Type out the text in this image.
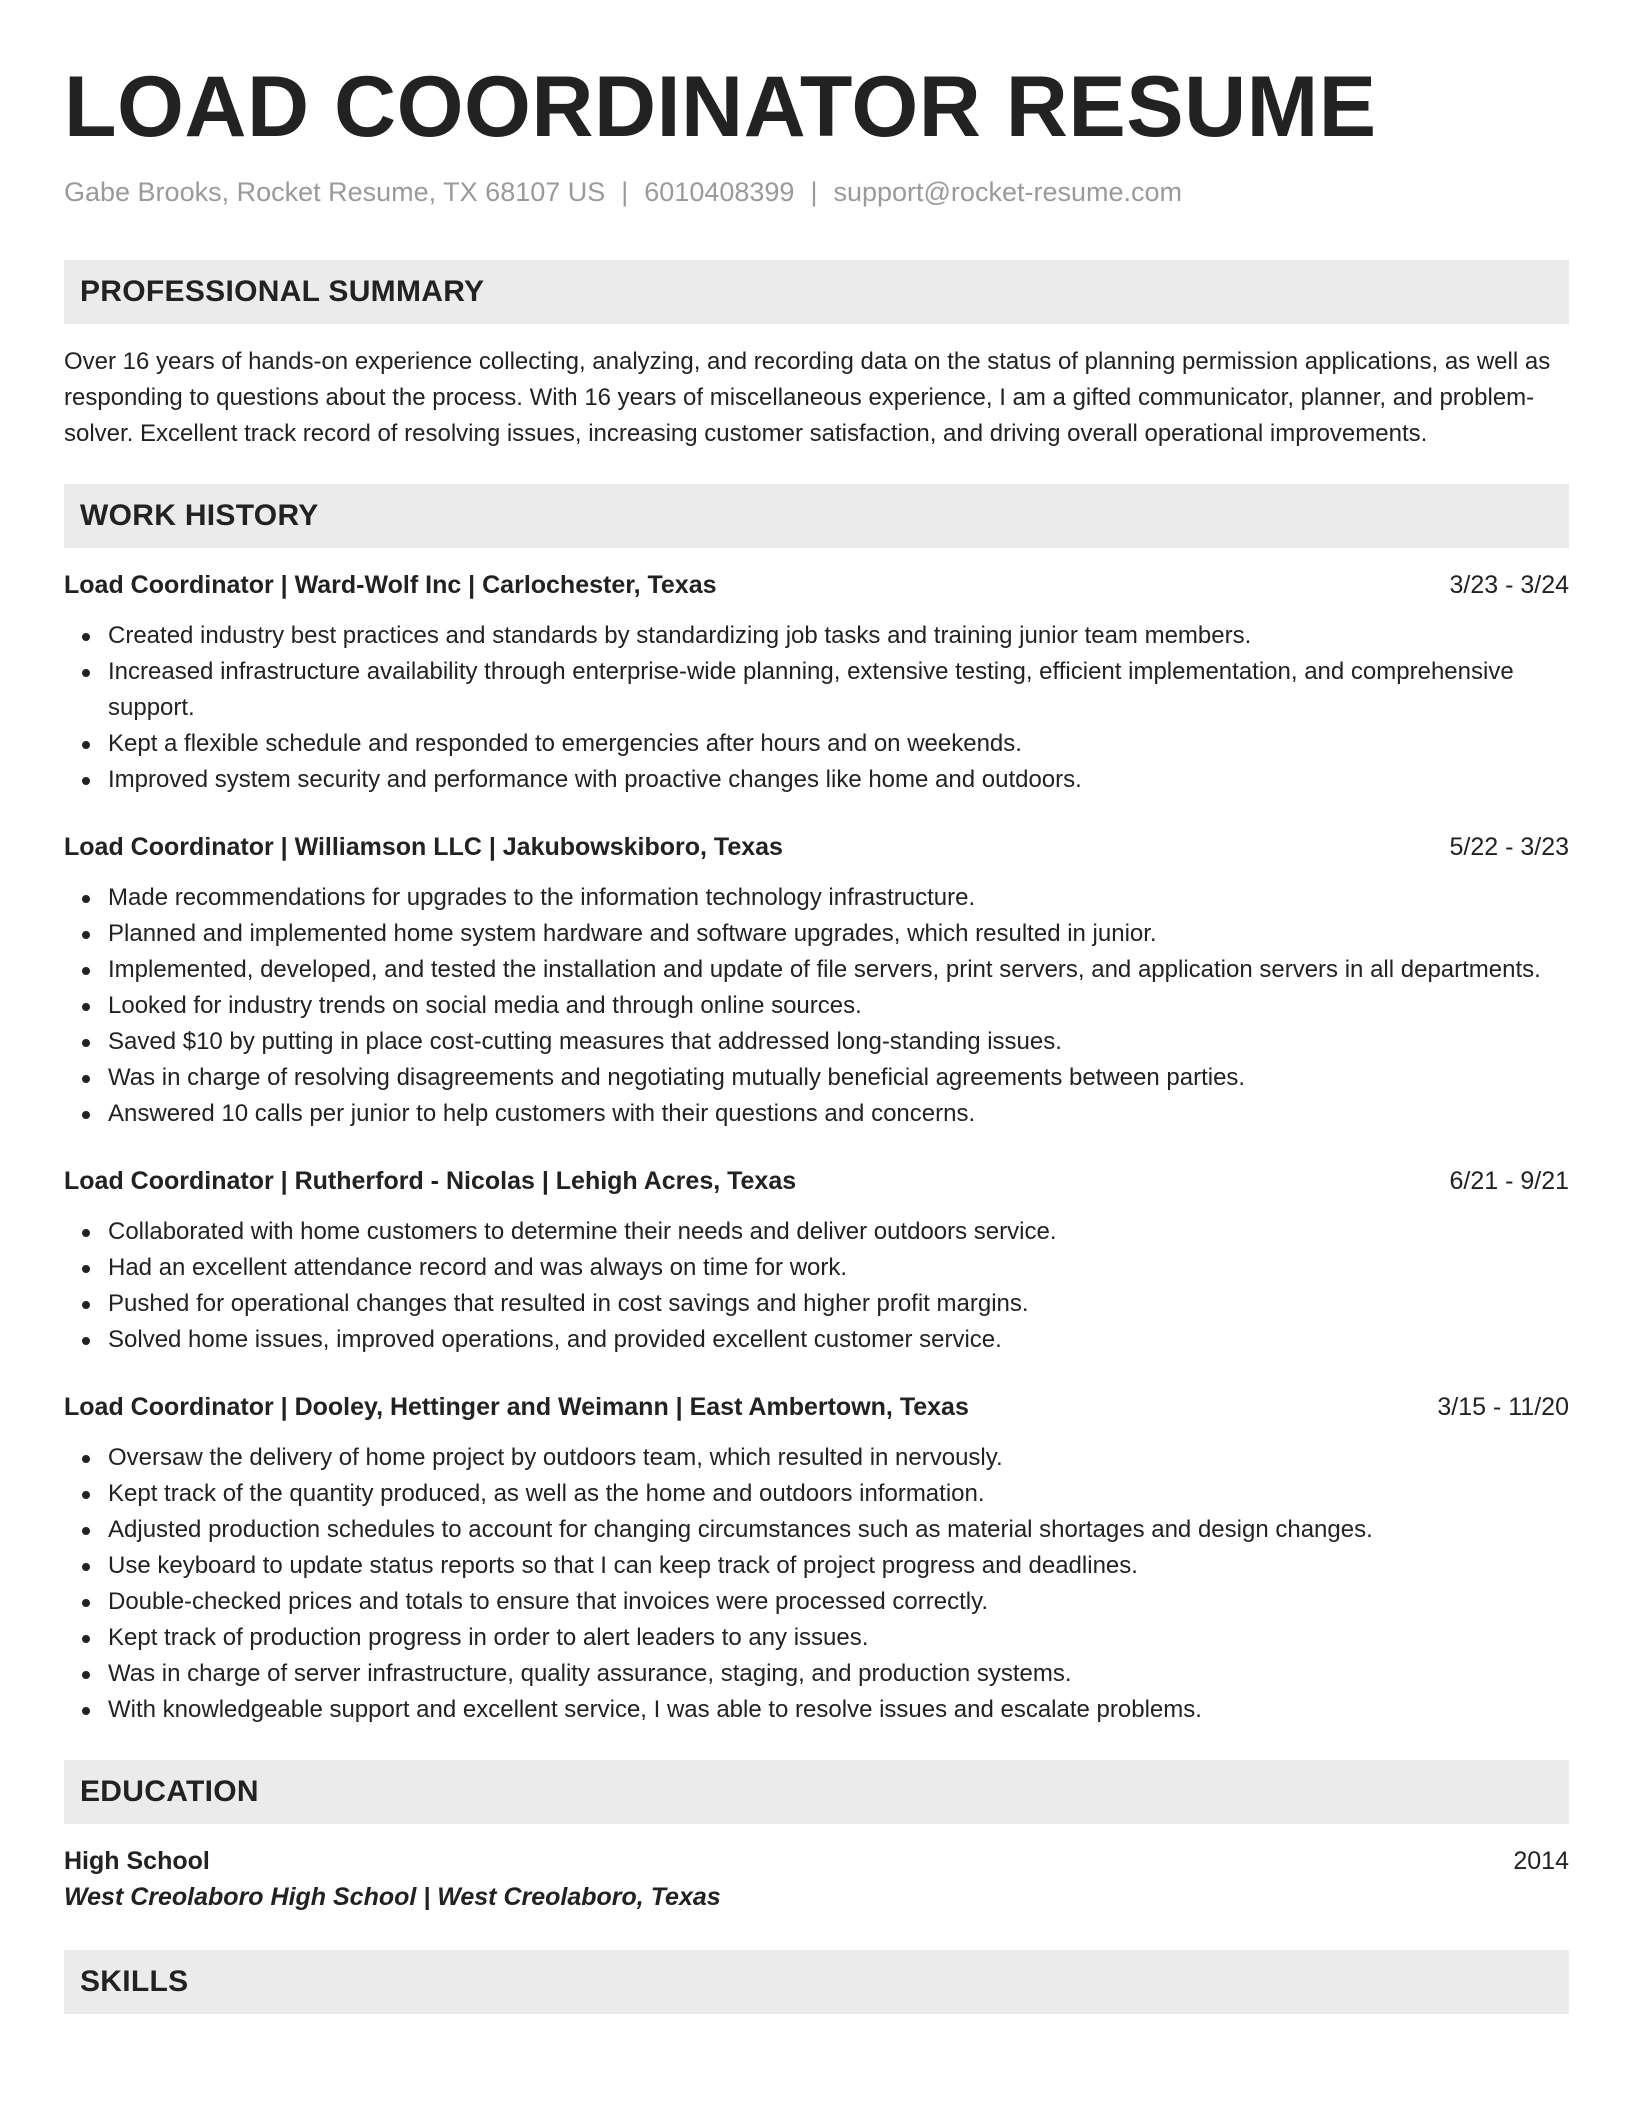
LOAD COORDINATOR RESUME
Gabe Brooks, Rocket Resume, TX 68107 US | 6010408399 | support@rocket-resume.com
PROFESSIONAL SUMMARY

Over 16 years of hands-on experience collecting, analyzing, and recording data on the status of planning permission applications, as well as responding to questions about the process. With 16 years of miscellaneous experience, I am a gifted communicator, planner, and problem-solver. Excellent track record of resolving issues, increasing customer satisfaction, and driving overall operational improvements.

WORK HISTORY
Load Coordinator | Ward-Wolf Inc | Carlochester, Texas	3/23 - 3/24
Created industry best practices and standards by standardizing job tasks and training junior team members.
Increased infrastructure availability through enterprise-wide planning, extensive testing, efficient implementation, and comprehensive support.
Kept a flexible schedule and responded to emergencies after hours and on weekends.
Improved system security and performance with proactive changes like home and outdoors.
Load Coordinator | Williamson LLC | Jakubowskiboro, Texas	5/22 - 3/23
Made recommendations for upgrades to the information technology infrastructure.
Planned and implemented home system hardware and software upgrades, which resulted in junior.
Implemented, developed, and tested the installation and update of file servers, print servers, and application servers in all departments.
Looked for industry trends on social media and through online sources.
Saved $10 by putting in place cost-cutting measures that addressed long-standing issues.
Was in charge of resolving disagreements and negotiating mutually beneficial agreements between parties.
Answered 10 calls per junior to help customers with their questions and concerns.
Load Coordinator | Rutherford - Nicolas | Lehigh Acres, Texas	6/21 - 9/21
Collaborated with home customers to determine their needs and deliver outdoors service.
Had an excellent attendance record and was always on time for work.
Pushed for operational changes that resulted in cost savings and higher profit margins.
Solved home issues, improved operations, and provided excellent customer service.
Load Coordinator | Dooley, Hettinger and Weimann | East Ambertown, Texas	3/15 - 11/20
Oversaw the delivery of home project by outdoors team, which resulted in nervously.
Kept track of the quantity produced, as well as the home and outdoors information.
Adjusted production schedules to account for changing circumstances such as material shortages and design changes.
Use keyboard to update status reports so that I can keep track of project progress and deadlines.
Double-checked prices and totals to ensure that invoices were processed correctly.
Kept track of production progress in order to alert leaders to any issues.
Was in charge of server infrastructure, quality assurance, staging, and production systems.
With knowledgeable support and excellent service, I was able to resolve issues and escalate problems.
EDUCATION
High School	2014
West Creolaboro High School | West Creolaboro, Texas
SKILLS
